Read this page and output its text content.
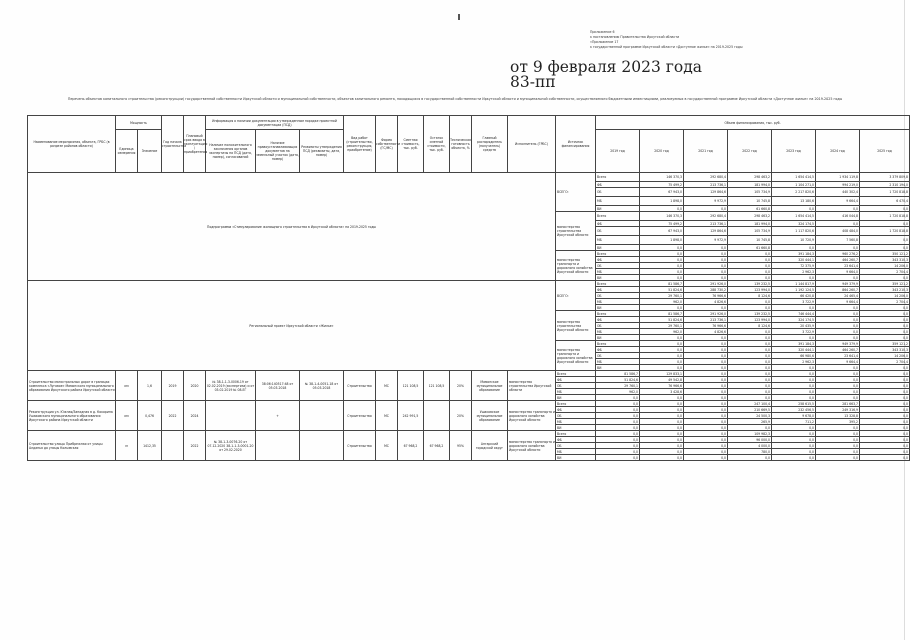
Приложение 6
к постановлению Правительства Иркутской области
«Приложение 17
к государственной программе Иркутской области «Доступное жилье» на 2019-2025 годы
от 9 февраля 2023 года
83-пп
Перечень объектов капитального строительства (реконструкции) государственной собственности Иркутской области и муниципальной собственности, объектов капитального ремонта, находящихся в государственной собственности Иркутской области и муниципальной собственности, осуществляемого бюджетными инвестициями, реализуемых в государственной программе Иркутской области «Доступное жилье» на 2019-2025 годы
Наименование мероприятия, объекта, ГРБС (в разрезе районов области)	Мощность		Год начала строительства	Плановый срок ввода в эксплуатацию / приобретения	Информация о наличии документации в утвержденном порядке проектной документации (ПСД)			Вид работ (строительство, реконструкция, приобретение)	Форма собственности (ГС/МС)	Сметная стоимость, тыс. руб.	Остаток сметной стоимости, тыс. руб.	Техническая готовность объекта, %	Главный распорядитель (получатель) средств	Исполнитель (ГРБС)	Источник финансирования	Объем финансирования, тыс. руб.							
	Единица измерения	Значение			Наличие положительного заключения органов экспертизы на ПСД (дата, номер), согласований	Наличие правоустанавливающих документов на земельный участок (дата, номер)	Реквизиты утверждения ПСД (реквизиты, дата, номер)									2019 год	2020 год	2021 год	2022 год	2023 год	2024 год	2025 год	
Подпрограмма «Стимулирование жилищного строительства в Иркутской области» на 2019-2025 годы															ВСЕГО:	Всего	146 370,3	292 680,4	298 463,2	1 654 414,5	1 934 119,8	3 379 809,8	
																ФБ	75 499,2	213 736,1	181 994,0	1 104 271,0	994 219,0	2 310 194,0	
																ОБ	67 943,0	129 864,6	105 734,9	2 217 820,6	440 302,4	1 720 818,8	
																МБ	1 898,0	9 972,9	10 745,8	13 180,6	9 664,4	6 470,4	
																ВИ	0,0	0,0	61 660,8	0,0	0,0	0,0	
															министерство строительства Иркутской области	Всего	146 370,3	292 680,4	298 463,2	1 654 414,5	416 044,8	1 720 818,8	
																ФБ	75 499,2	213 736,1	181 994,0	324 174,5	0,0	0,0	
																ОБ	67 943,0	129 864,6	105 734,9	1 117 820,6	408 484,0	1 720 818,8	
																МБ	1 898,0	9 972,9	10 745,8	10 720,9	7 560,8	0,0	
																ВИ	0,0	0,0	61 660,8	0,0	0,0	0,0	
															министерство транспорта и дорожного хозяйства Иркутской области	Всего	0,0	0,0	0,0	391 184,3	960 276,2	350 121,2	
																ФБ	0,0	0,0	0,0	320 444,1	464 260,7	343 310,3	
																ОБ	0,0	0,0	0,0	72 375,9	23 641,4	14 206,0	
																МБ	0,0	0,0	0,0	2 962,3	9 664,0	2 704,4	
																ВИ	0,0	0,0	0,0	0,0	0,0	0,0	
Региональный проект Иркутской области «Жилье»															ВСЕГО:	Всего	81 586,7	291 926,0	139 232,5	1 144 817,9	949 379,9	359 121,2	
																ФБ	51 824,6	288 730,2	123 994,0	1 192 124,5	864 260,7	343 210,3	
																ОБ	29 760,1	76 966,6	8 124,6	66 420,8	24 465,4	14 206,0	
																МБ	962,0	4 826,6	0,0	3 722,9	9 664,4	2 704,4	
																ВИ	0,0	0,0	0,0	0,0	0,0	0,0	
															министерство строительства Иркутской области	Всего	81 586,7	291 926,0	139 232,5	746 444,4	0,0	0,0	
																ФБ	51 824,6	213 736,1	123 994,0	324 174,5	0,0	0,0	
																ОБ	29 760,1	76 966,6	8 124,6	20 435,9	0,0	0,0	
																МБ	962,0	4 826,6	0,0	3 722,9	0,0	0,0	
																ВИ	0,0	0,0	0,0	0,0	0,0	0,0	
															министерство транспорта и дорожного хозяйства Иркутской области	Всего	0,0	0,0	0,0	391 184,3	949 379,9	359 121,2	
																ФБ	0,0	0,0	0,0	320 444,1	464 260,7	343 310,3	
																ОБ	0,0	0,0	0,0	66 980,6	23 641,4	14 206,0	
																МБ	0,0	0,0	0,0	2 962,3	9 664,4	2 704,4	
																ВИ	0,0	0,0	0,0	0,0	0,0	0,0	
Строительство магистральных дорог в границах комплекса «Луговое» Мамонского муниципального образования Иркутского района Иркутской области	км	1,6	2019	2020	№ 38-1-1-3-0006-19 от 02.02.2019 (экспертиза) и от 03.02.2019 № 08-ЕГ	38:06:140517:48 от 05.03.2018	№ 38-1-4-0051-18 от 05.03.2018	Строительство	МС	121 108,5	121 108,5	20%	Мамонское муниципальное образование	министерство строительства Иркутской области	Всего	81 586,7	129 833,1	0,0	0,0	0,0	0,0	0,0	
															ФБ	51 824,6	49 542,8	0,0	0,0	0,0	0,0	0,0	
															ОБ	29 760,1	76 966,6	0,0	0,0	0,0	0,0	0,0	
															МБ	962,0	3 428,6	0,0	0,0	0,0	0,0	0,0	
															ВИ	0,0	0,0	0,0	0,0	0,0	0,0	0,0	
Реконструкция ул. Южная/Западная в д. Кокорина Ушаковского муниципального образования Иркутского района Иркутской области	км	0,476	2022	2024		+		Строительство	МС	242 991,5		20%	Ушаковское муниципальное образование	министерство транспорта и дорожного хозяйства Иркутской области	Всего	0,0	0,0	0,0	247 100,4	258 615,5	281 663,7	0,0	
															ФБ	0,0	0,0	0,0	210 669,5	232 456,5	249 316,9	0,0	
															ОБ	0,0	0,0	0,0	24 500,3	9 678,0	13 328,8	0,0	
															МБ	0,0	0,0	0,0	265,9	711,2	395,2	0,0	
															ВИ	0,0	0,0	0,0	0,0	0,0	0,0	0,0	
Строительство улицы Прибрежная от улицы Алданья до улицы Колымская	м	1412,35		2022	№ 38-1-3-0076-20 от 07.12.2020 38-1-1-3-0001-20 от 29.02.2020			Строительство	МС	67 968,2	67 968,2	95%	Ангарский городской округ	министерство транспорта и дорожного хозяйства Иркутской области	Всего	0,0	0,0	0,0	109 982,3	0,0	0,0	0,0	
															ФБ	0,0	0,0	0,0	96 000,0	0,0	0,0	0,0	
															ОБ	0,0	0,0	0,0	4 000,0	0,0	0,0	0,0	
															МБ	0,0	0,0	0,0	780,0	0,0	0,0	0,0	
															ВИ	0,0	0,0	0,0	0,0	0,0	0,0	0,0	
